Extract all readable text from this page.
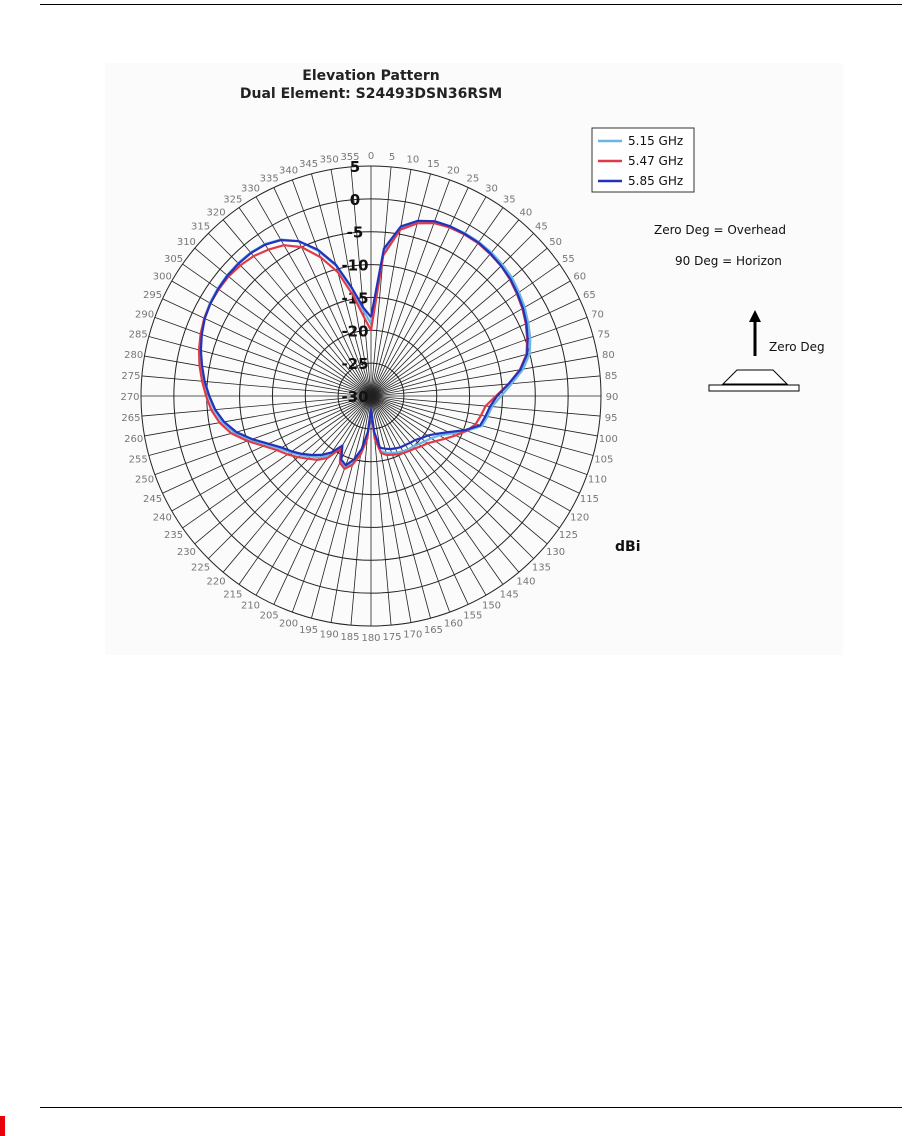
Elevation Pattern
Dual Element: S24493DSN36RSM
0 5 10 15
20
25
30
35
40
45
50
55
60
65
70
75
80
85
90
95
100
105
110
115
120
125
130
135
140
145
150
155
160
165
170
175
180
185
190
195
200
205
210
215
220
225
230
235
240
245
250
255
260
265
270
275
280
285
290
295
300
305
310
315
320
325
330
335
340
345 350 355
5
0
-5
-10
-15
-20
-25
-30
5.15 GHz
5.47 GHz
5.85 GHz
Zero Deg = Overhead
90 Deg = Horizon
Zero Deg
dBi
